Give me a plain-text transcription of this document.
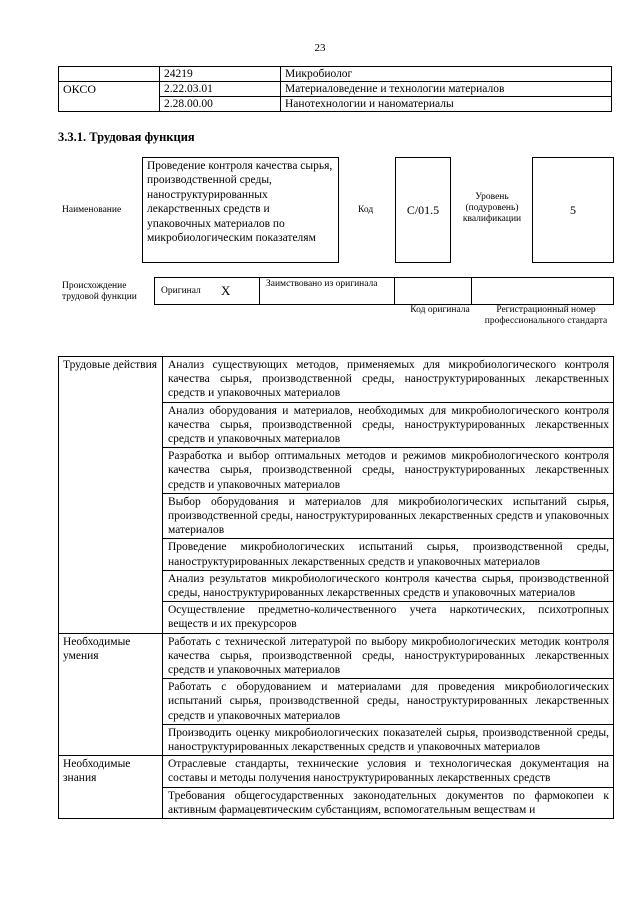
23
	24219	Микробиолог
ОКСО	2.22.03.01	Материаловедение и технологии материалов
	2.28.00.00	Нанотехнологии и наноматериалы
3.3.1. Трудовая функция
Наименование
Проведение контроля качества сырья, производственной среды, наноструктурированных лекарственных средств и упаковочных материалов по микробиологическим показателям
Код	С/01.5
Уровень (подуровень) квалификации
5
Происхождение трудовой функции
Оригинал X	Заимствовано из оригинала
Код оригинала	Регистрационный номер профессионального стандарта
Трудовые действия	Анализ существующих методов, применяемых для микробиологического контроля качества сырья, производственной среды, наноструктурированных лекарственных средств и упаковочных материалов
	Анализ оборудования и материалов, необходимых для микробиологического контроля качества сырья, производственной среды, наноструктурированных лекарственных средств и упаковочных материалов
	Разработка и выбор оптимальных методов и режимов микробиологического контроля качества сырья, производственной среды, наноструктурированных лекарственных средств и упаковочных материалов
	Выбор оборудования и материалов для микробиологических испытаний сырья, производственной среды, наноструктурированных лекарственных средств и упаковочных материалов
	Проведение микробиологических испытаний сырья, производственной среды, наноструктурированных лекарственных средств и упаковочных материалов
	Анализ результатов микробиологического контроля качества сырья, производственной среды, наноструктурированных лекарственных средств и упаковочных материалов
	Осуществление предметно-количественного учета наркотических, психотропных веществ и их прекурсоров
Необходимые умения	Работать с технической литературой по выбору микробиологических методик контроля качества сырья, производственной среды, наноструктурированных лекарственных средств и упаковочных материалов
	Работать с оборудованием и материалами для проведения микробиологических испытаний сырья, производственной среды, наноструктурированных лекарственных средств и упаковочных материалов
	Производить оценку микробиологических показателей сырья, производственной среды, наноструктурированных лекарственных средств и упаковочных материалов
Необходимые знания	Отраслевые стандарты, технические условия и технологическая документация на составы и методы получения наноструктурированных лекарственных средств
	Требования общегосударственных законодательных документов по фармокопеи к активным фармацевтическим субстанциям, вспомогательным веществам и
